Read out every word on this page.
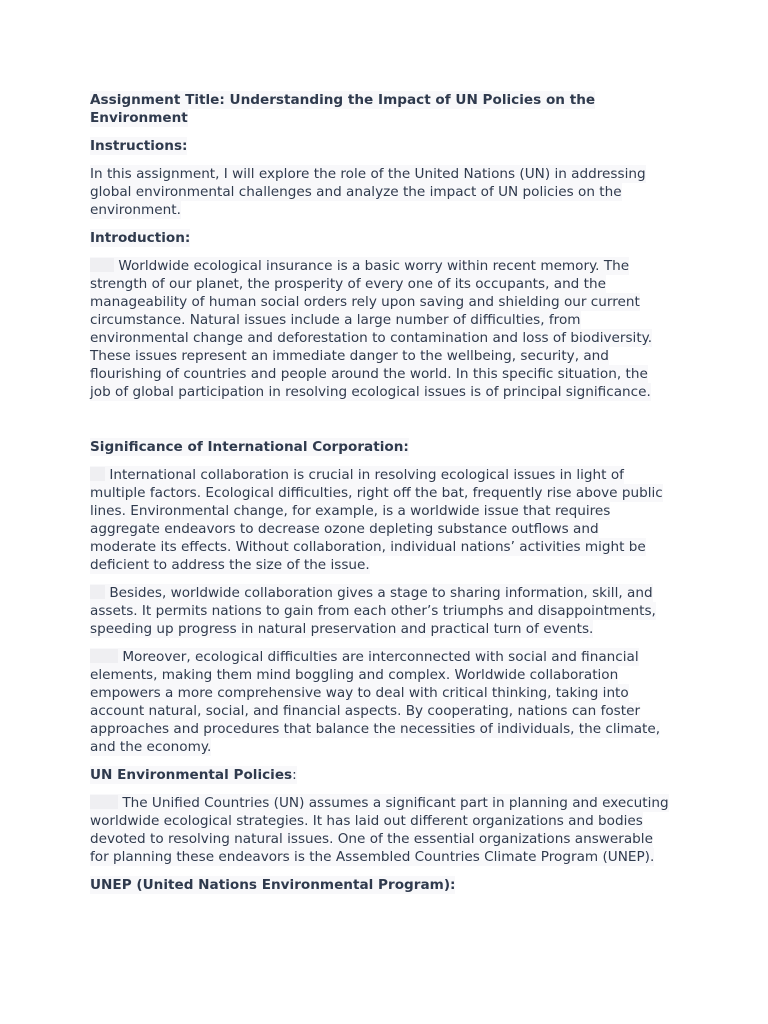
Assignment Title: Understanding the Impact of UN Policies on the
Environment
Instructions:
In this assignment, I will explore the role of the United Nations (UN) in addressing
global environmental challenges and analyze the impact of UN policies on the
environment.
Introduction:
Worldwide ecological insurance is a basic worry within recent memory. The
strength of our planet, the prosperity of every one of its occupants, and the
manageability of human social orders rely upon saving and shielding our current
circumstance. Natural issues include a large number of difficulties, from
environmental change and deforestation to contamination and loss of biodiversity.
These issues represent an immediate danger to the wellbeing, security, and
flourishing of countries and people around the world. In this specific situation, the
job of global participation in resolving ecological issues is of principal significance.
Significance of International Corporation:
International collaboration is crucial in resolving ecological issues in light of
multiple factors. Ecological difficulties, right off the bat, frequently rise above public
lines. Environmental change, for example, is a worldwide issue that requires
aggregate endeavors to decrease ozone depleting substance outflows and
moderate its effects. Without collaboration, individual nations’ activities might be
deficient to address the size of the issue.
Besides, worldwide collaboration gives a stage to sharing information, skill, and
assets. It permits nations to gain from each other’s triumphs and disappointments,
speeding up progress in natural preservation and practical turn of events.
Moreover, ecological difficulties are interconnected with social and financial
elements, making them mind boggling and complex. Worldwide collaboration
empowers a more comprehensive way to deal with critical thinking, taking into
account natural, social, and financial aspects. By cooperating, nations can foster
approaches and procedures that balance the necessities of individuals, the climate,
and the economy.
UN Environmental Policies:
The Unified Countries (UN) assumes a significant part in planning and executing
worldwide ecological strategies. It has laid out different organizations and bodies
devoted to resolving natural issues. One of the essential organizations answerable
for planning these endeavors is the Assembled Countries Climate Program (UNEP).
UNEP (United Nations Environmental Program):
